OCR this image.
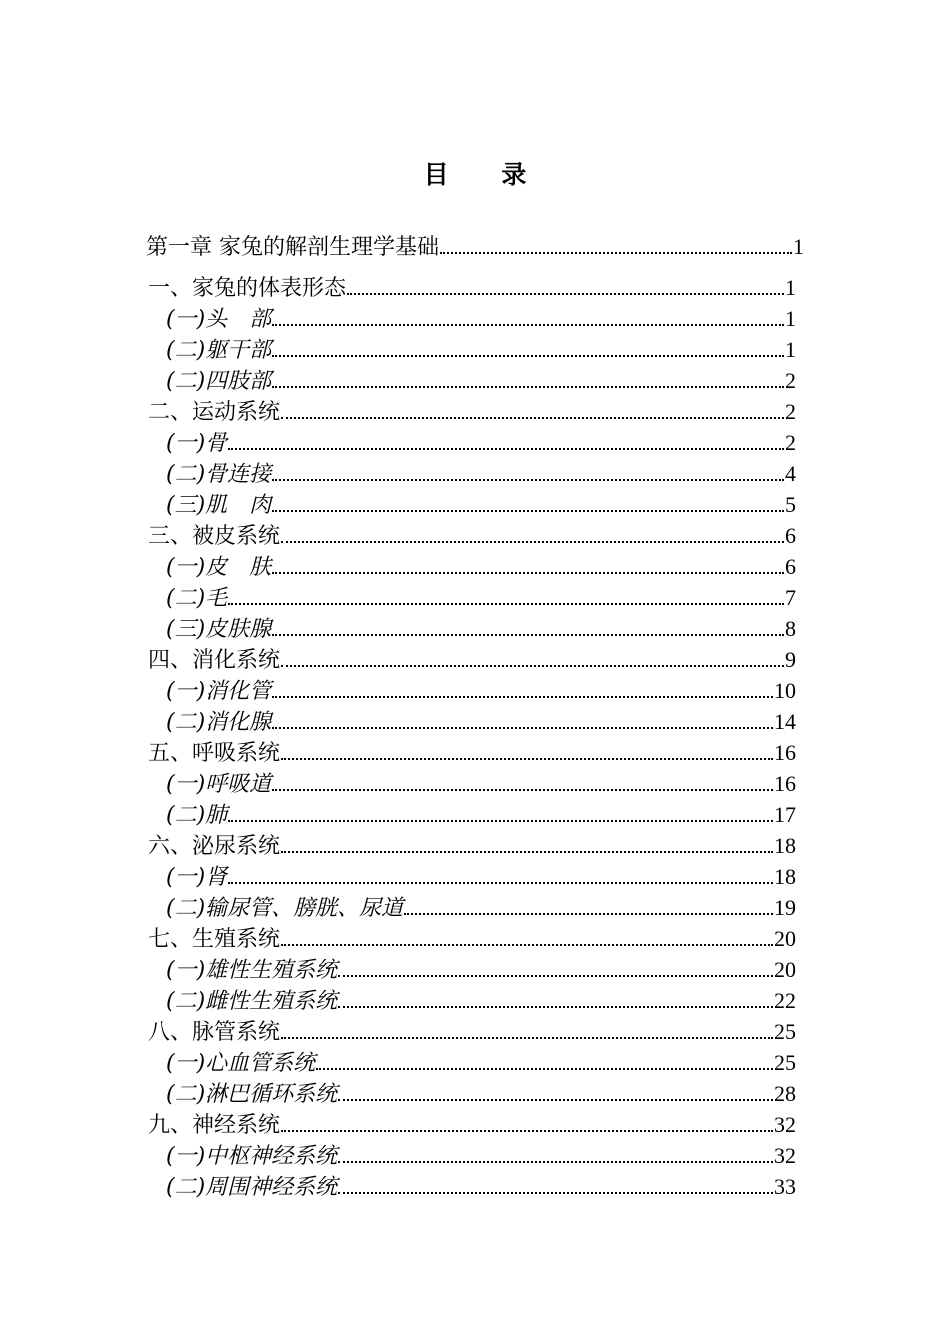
目 录
第一章 家兔的解剖生理学基础	1
一、家兔的体表形态	1
(一)头　部	1
(二)躯干部	1
(二)四肢部	2
二、运动系统	2
(一)骨	2
(二)骨连接	4
(三)肌　肉	5
三、被皮系统	6
(一)皮　肤	6
(二)毛	7
(三)皮肤腺	8
四、消化系统	9
(一)消化管	10
(二)消化腺	14
五、呼吸系统	16
(一)呼吸道	16
(二)肺	17
六、泌尿系统	18
(一)肾	18
(二)输尿管、膀胱、尿道	19
七、生殖系统	20
(一)雄性生殖系统	20
(二)雌性生殖系统	22
八、脉管系统	25
(一)心血管系统	25
(二)淋巴循环系统	28
九、神经系统	32
(一)中枢神经系统	32
(二)周围神经系统	33
